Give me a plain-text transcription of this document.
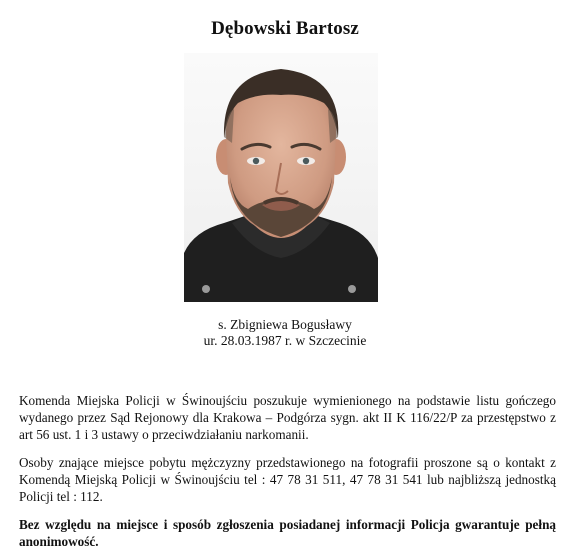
Dębowski Bartosz
s. Zbigniewa Bogusławy
ur. 28.03.1987 r. w Szczecinie
Komenda Miejska Policji w Świnoujściu poszukuje wymienionego na podstawie listu gończego wydanego przez Sąd Rejonowy dla Krakowa – Podgórza sygn. akt II K 116/22/P za przestępstwo z art 56 ust. 1 i 3 ustawy o przeciwdziałaniu narkomanii.
Osoby znające miejsce pobytu mężczyzny przedstawionego na fotografii proszone są o kontakt z Komendą Miejską Policji w Świnoujściu tel : 47 78 31 511, 47 78 31 541 lub najbliższą jednostką Policji tel : 112.
Bez względu na miejsce i sposób zgłoszenia posiadanej informacji Policja gwarantuje pełną anonimowość.
